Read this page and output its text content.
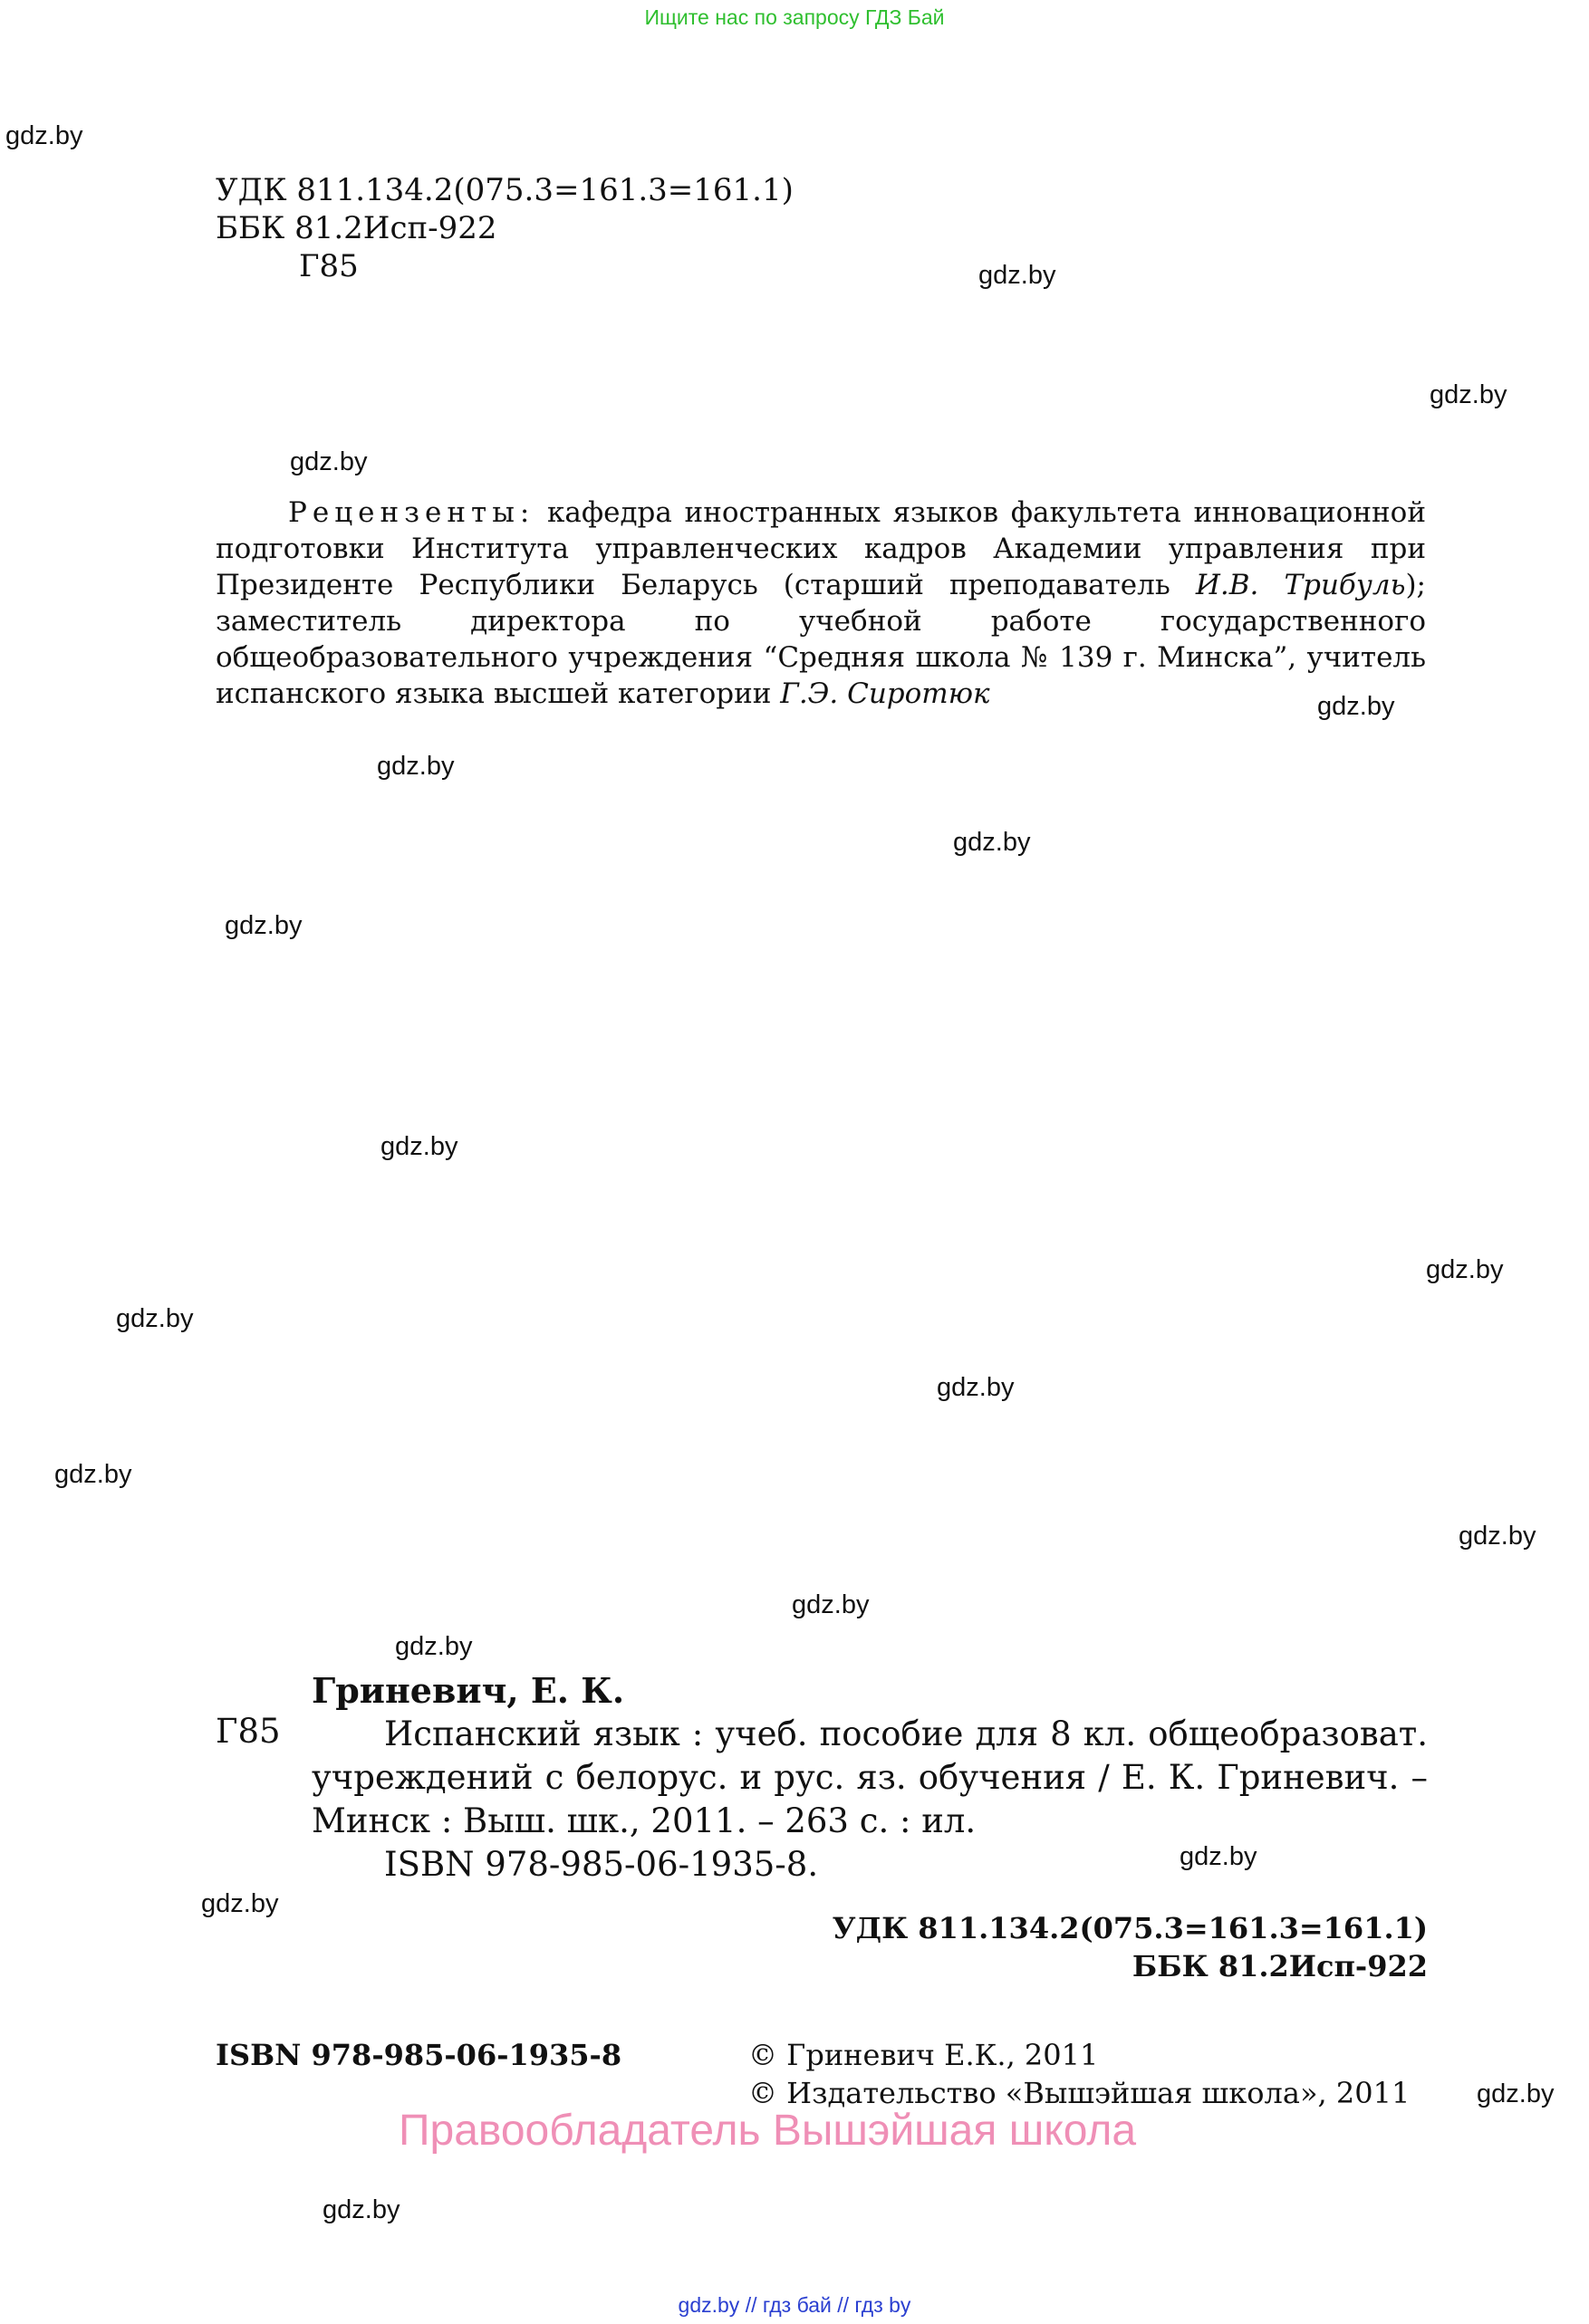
Ищите нас по запросу ГДЗ Бай
gdz.by
gdz.by
gdz.by
gdz.by
gdz.by
gdz.by
gdz.by
gdz.by
gdz.by
gdz.by
gdz.by
gdz.by
gdz.by
gdz.by
gdz.by
gdz.by
gdz.by
gdz.by
gdz.by
gdz.by
УДК 811.134.2(075.3=161.3=161.1)
ББК 81.2Исп-922
Г85
Рецензенты: кафедра иностранных языков факультета инновационной подготовки Института управленческих кадров Академии управления при Президенте Республики Беларусь (старший преподаватель И.В. Трибуль); заместитель директора по учебной работе государственного общеобразовательного учреждения “Средняя школа № 139 г. Минска”, учитель испанского языка высшей категории Г.Э. Сиротюк
Г85
Гриневич, Е. К.
Испанский язык : учеб. пособие для 8 кл. общеобразоват. учреждений с белорус. и рус. яз. обучения / Е. К. Гриневич. – Минск : Выш. шк., 2011. – 263 с. : ил.
ISBN 978-985-06-1935-8.
УДК 811.134.2(075.3=161.3=161.1)
ББК 81.2Исп-922
ISBN 978-985-06-1935-8	© Гриневич Е.К., 2011
© Издательство «Вышэйшая школа», 2011
Правообладатель Вышэйшая школа
gdz.by // гдз бай // гдз by
